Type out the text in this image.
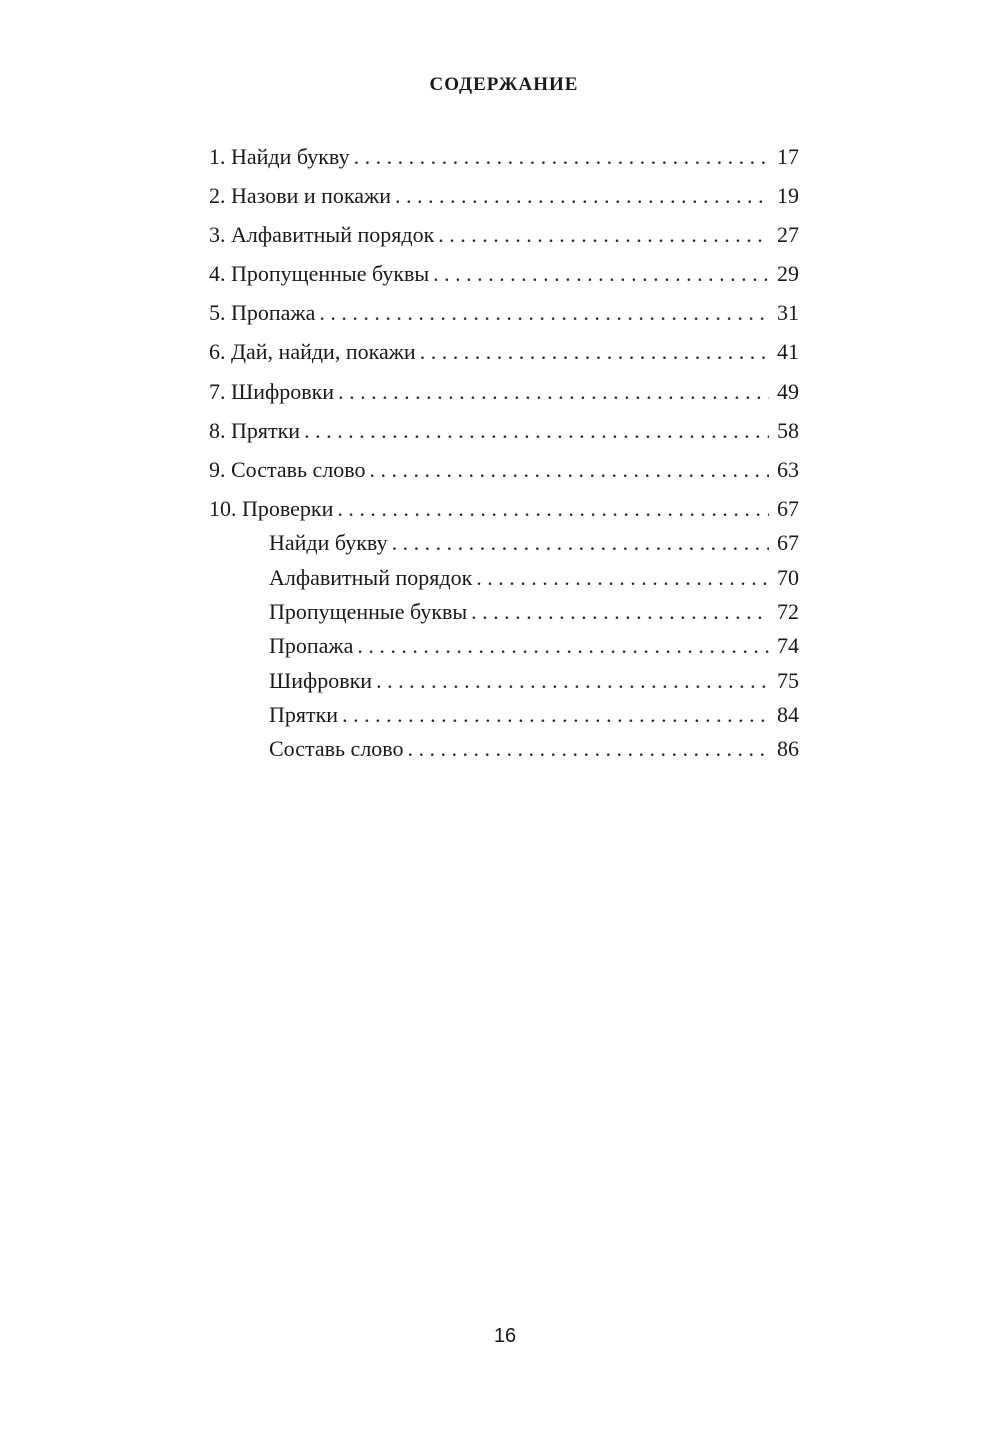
СОДЕРЖАНИЕ
1. Найди букву . . .	17
2. Назови и покажи . . .	19
3. Алфавитный порядок . . .	27
4. Пропущенные буквы . . .	29
5. Пропажа . . .	31
6. Дай, найди, покажи . . .	41
7. Шифровки . . .	49
8. Прятки . . .	58
9. Составь слово . . .	63
10. Проверки . . .	67
Найди букву . . .	67
Алфавитный порядок . . .	70
Пропущенные буквы . . .	72
Пропажа . . .	74
Шифровки . . .	75
Прятки . . .	84
Составь слово . . .	86
16
